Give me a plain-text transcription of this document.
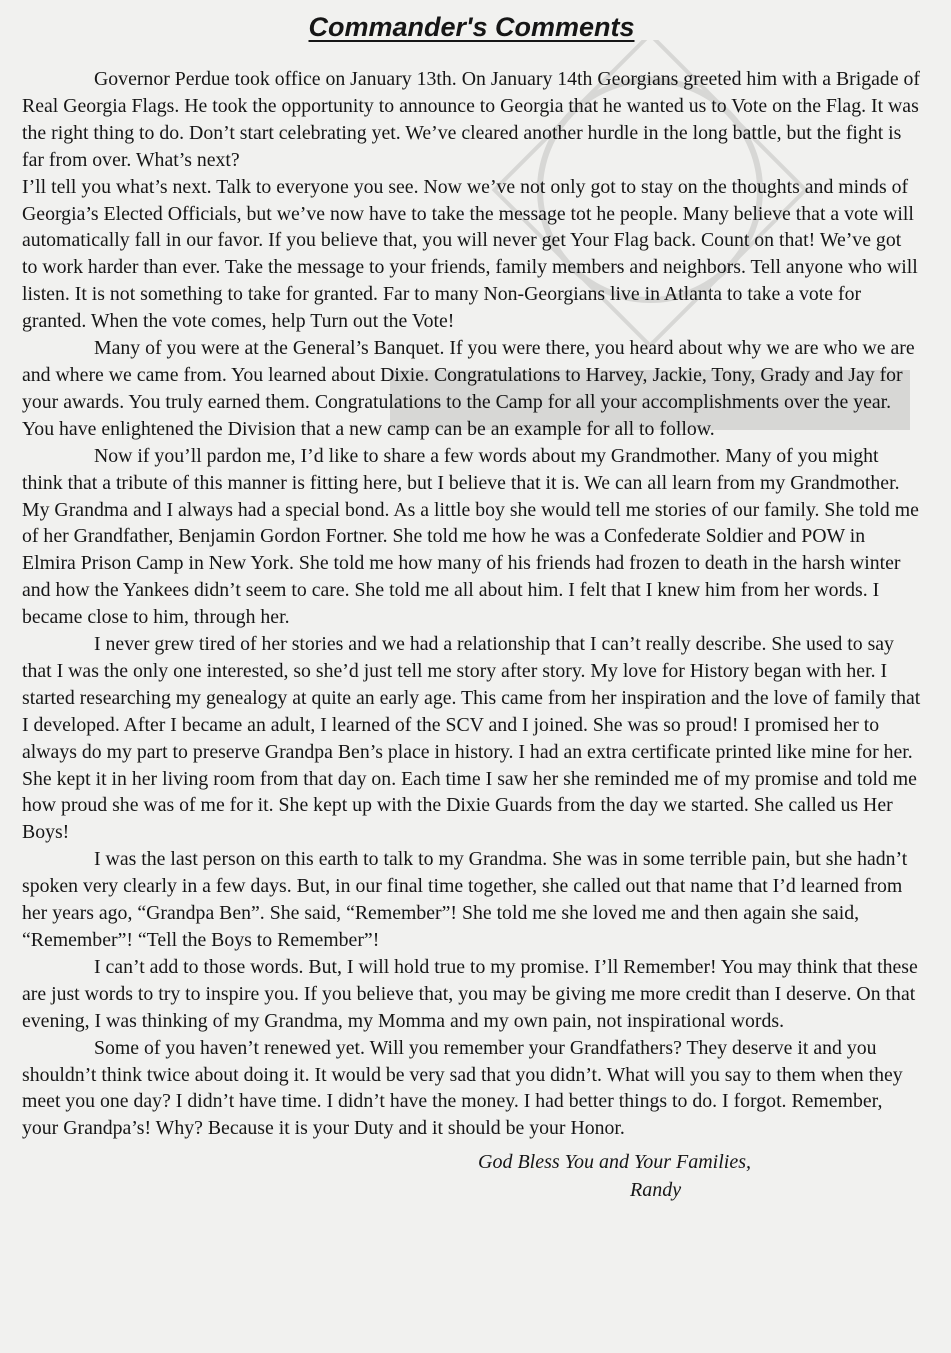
Commander's Comments

Governor Perdue took office on January 13th. On January 14th Georgians greeted him with a Brigade of Real Georgia Flags. He took the opportunity to announce to Georgia that he wanted us to Vote on the Flag. It was the right thing to do. Don’t start celebrating yet. We’ve cleared another hurdle in the long battle, but the fight is far from over. What’s next?

I’ll tell you what’s next. Talk to everyone you see. Now we’ve not only got to stay on the thoughts and minds of Georgia’s Elected Officials, but we’ve now have to take the message tot he people. Many believe that a vote will automatically fall in our favor. If you believe that, you will never get Your Flag back. Count on that! We’ve got to work harder than ever. Take the message to your friends, family members and neighbors. Tell anyone who will listen. It is not something to take for granted. Far to many Non-Georgians live in Atlanta to take a vote for granted. When the vote comes, help Turn out the Vote!

Many of you were at the General’s Banquet. If you were there, you heard about why we are who we are and where we came from. You learned about Dixie. Congratulations to Harvey, Jackie, Tony, Grady and Jay for your awards. You truly earned them. Congratulations to the Camp for all your accomplishments over the year. You have enlightened the Division that a new camp can be an example for all to follow.

Now if you’ll pardon me, I’d like to share a few words about my Grandmother. Many of you might think that a tribute of this manner is fitting here, but I believe that it is. We can all learn from my Grandmother. My Grandma and I always had a special bond. As a little boy she would tell me stories of our family. She told me of her Grandfather, Benjamin Gordon Fortner. She told me how he was a Confederate Soldier and POW in Elmira Prison Camp in New York. She told me how many of his friends had frozen to death in the harsh winter and how the Yankees didn’t seem to care. She told me all about him. I felt that I knew him from her words. I became close to him, through her.

I never grew tired of her stories and we had a relationship that I can’t really describe. She used to say that I was the only one interested, so she’d just tell me story after story. My love for History began with her. I started researching my genealogy at quite an early age. This came from her inspiration and the love of family that I developed. After I became an adult, I learned of the SCV and I joined. She was so proud! I promised her to always do my part to preserve Grandpa Ben’s place in history. I had an extra certificate printed like mine for her. She kept it in her living room from that day on. Each time I saw her she reminded me of my promise and told me how proud she was of me for it. She kept up with the Dixie Guards from the day we started. She called us Her Boys!

I was the last person on this earth to talk to my Grandma. She was in some terrible pain, but she hadn’t spoken very clearly in a few days. But, in our final time together, she called out that name that I’d learned from her years ago, “Grandpa Ben”. She said, “Remember”! She told me she loved me and then again she said, “Remember”! “Tell the Boys to Remember”!

I can’t add to those words. But, I will hold true to my promise. I’ll Remember! You may think that these are just words to try to inspire you. If you believe that, you may be giving me more credit than I deserve. On that evening, I was thinking of my Grandma, my Momma and my own pain, not inspirational words.

Some of you haven’t renewed yet. Will you remember your Grandfathers? They deserve it and you shouldn’t think twice about doing it. It would be very sad that you didn’t. What will you say to them when they meet you one day? I didn’t have time. I didn’t have the money. I had better things to do. I forgot. Remember, your Grandpa’s! Why? Because it is your Duty and it should be your Honor.

God Bless You and Your Families,
Randy
